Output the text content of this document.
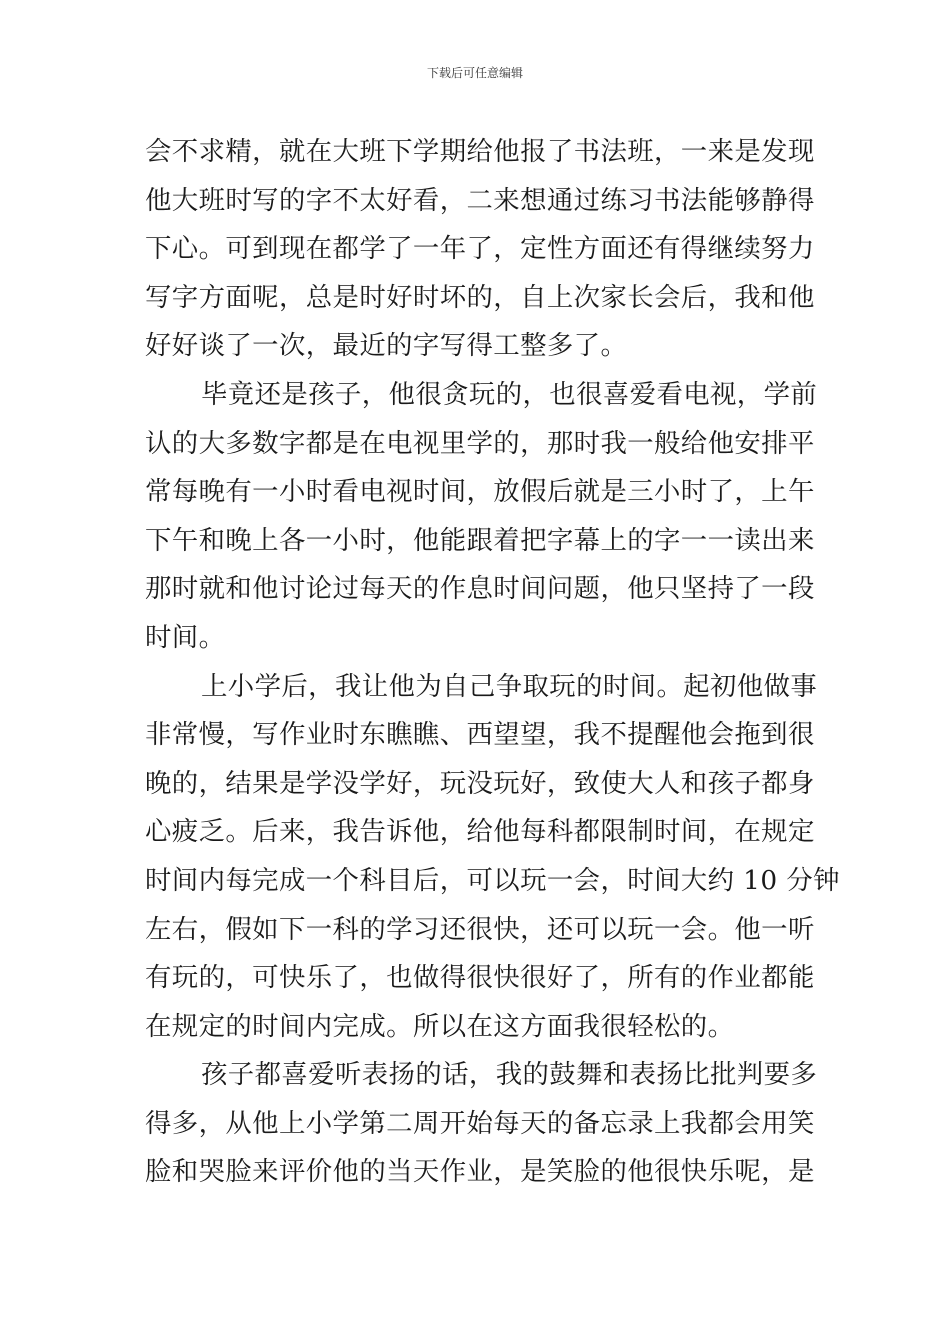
下载后可任意编辑
会不求精，就在大班下学期给他报了书法班，一来是发现
他大班时写的字不太好看，二来想通过练习书法能够静得
下心。可到现在都学了一年了，定性方面还有得继续努力
写字方面呢，总是时好时坏的，自上次家长会后，我和他
好好谈了一次，最近的字写得工整多了。
毕竟还是孩子，他很贪玩的，也很喜爱看电视，学前
认的大多数字都是在电视里学的，那时我一般给他安排平
常每晚有一小时看电视时间，放假后就是三小时了，上午
下午和晚上各一小时，他能跟着把字幕上的字一一读出来
那时就和他讨论过每天的作息时间问题，他只坚持了一段
时间。
上小学后，我让他为自己争取玩的时间。起初他做事
非常慢，写作业时东瞧瞧、西望望，我不提醒他会拖到很
晚的，结果是学没学好，玩没玩好，致使大人和孩子都身
心疲乏。后来，我告诉他，给他每科都限制时间，在规定
时间内每完成一个科目后，可以玩一会，时间大约 10 分钟
左右，假如下一科的学习还很快，还可以玩一会。他一听
有玩的，可快乐了，也做得很快很好了，所有的作业都能
在规定的时间内完成。所以在这方面我很轻松的。
孩子都喜爱听表扬的话，我的鼓舞和表扬比批判要多
得多，从他上小学第二周开始每天的备忘录上我都会用笑
脸和哭脸来评价他的当天作业，是笑脸的他很快乐呢，是
